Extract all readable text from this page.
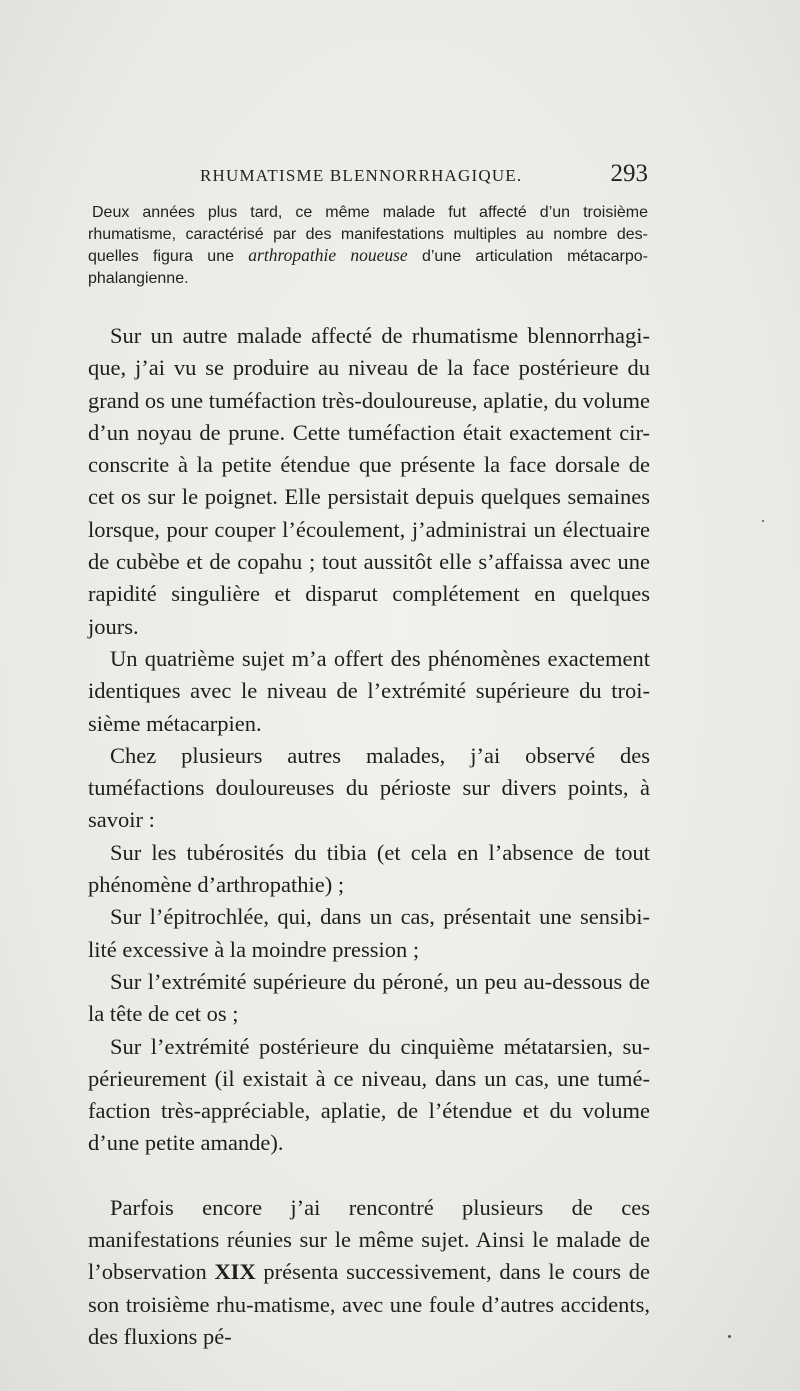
RHUMATISME BLENNORRHAGIQUE.	293
Deux années plus tard, ce même malade fut affecté d’un troisième rhumatisme, caractérisé par des manifestations multiples au nombre des-quelles figura une arthropathie noueuse d’une articulation métacarpo-phalangienne.

Sur un autre malade affecté de rhumatisme blennorrhagi-que, j’ai vu se produire au niveau de la face postérieure du grand os une tuméfaction très-douloureuse, aplatie, du volume d’un noyau de prune. Cette tuméfaction était exactement cir-conscrite à la petite étendue que présente la face dorsale de cet os sur le poignet. Elle persistait depuis quelques semaines lorsque, pour couper l’écoulement, j’administrai un électuaire de cubèbe et de copahu ; tout aussitôt elle s’affaissa avec une rapidité singulière et disparut complétement en quelques jours.

Un quatrième sujet m’a offert des phénomènes exactement identiques avec le niveau de l’extrémité supérieure du troi-sième métacarpien.

Chez plusieurs autres malades, j’ai observé des tuméfactions douloureuses du périoste sur divers points, à savoir :

Sur les tubérosités du tibia (et cela en l’absence de tout phénomène d’arthropathie) ;

Sur l’épitrochlée, qui, dans un cas, présentait une sensibi-lité excessive à la moindre pression ;

Sur l’extrémité supérieure du péroné, un peu au-dessous de la tête de cet os ;

Sur l’extrémité postérieure du cinquième métatarsien, su-périeurement (il existait à ce niveau, dans un cas, une tumé-faction très-appréciable, aplatie, de l’étendue et du volume d’une petite amande).

Parfois encore j’ai rencontré plusieurs de ces manifestations réunies sur le même sujet. Ainsi le malade de l’observation XIX présenta successivement, dans le cours de son troisième rhu-matisme, avec une foule d’autres accidents, des fluxions pé-
